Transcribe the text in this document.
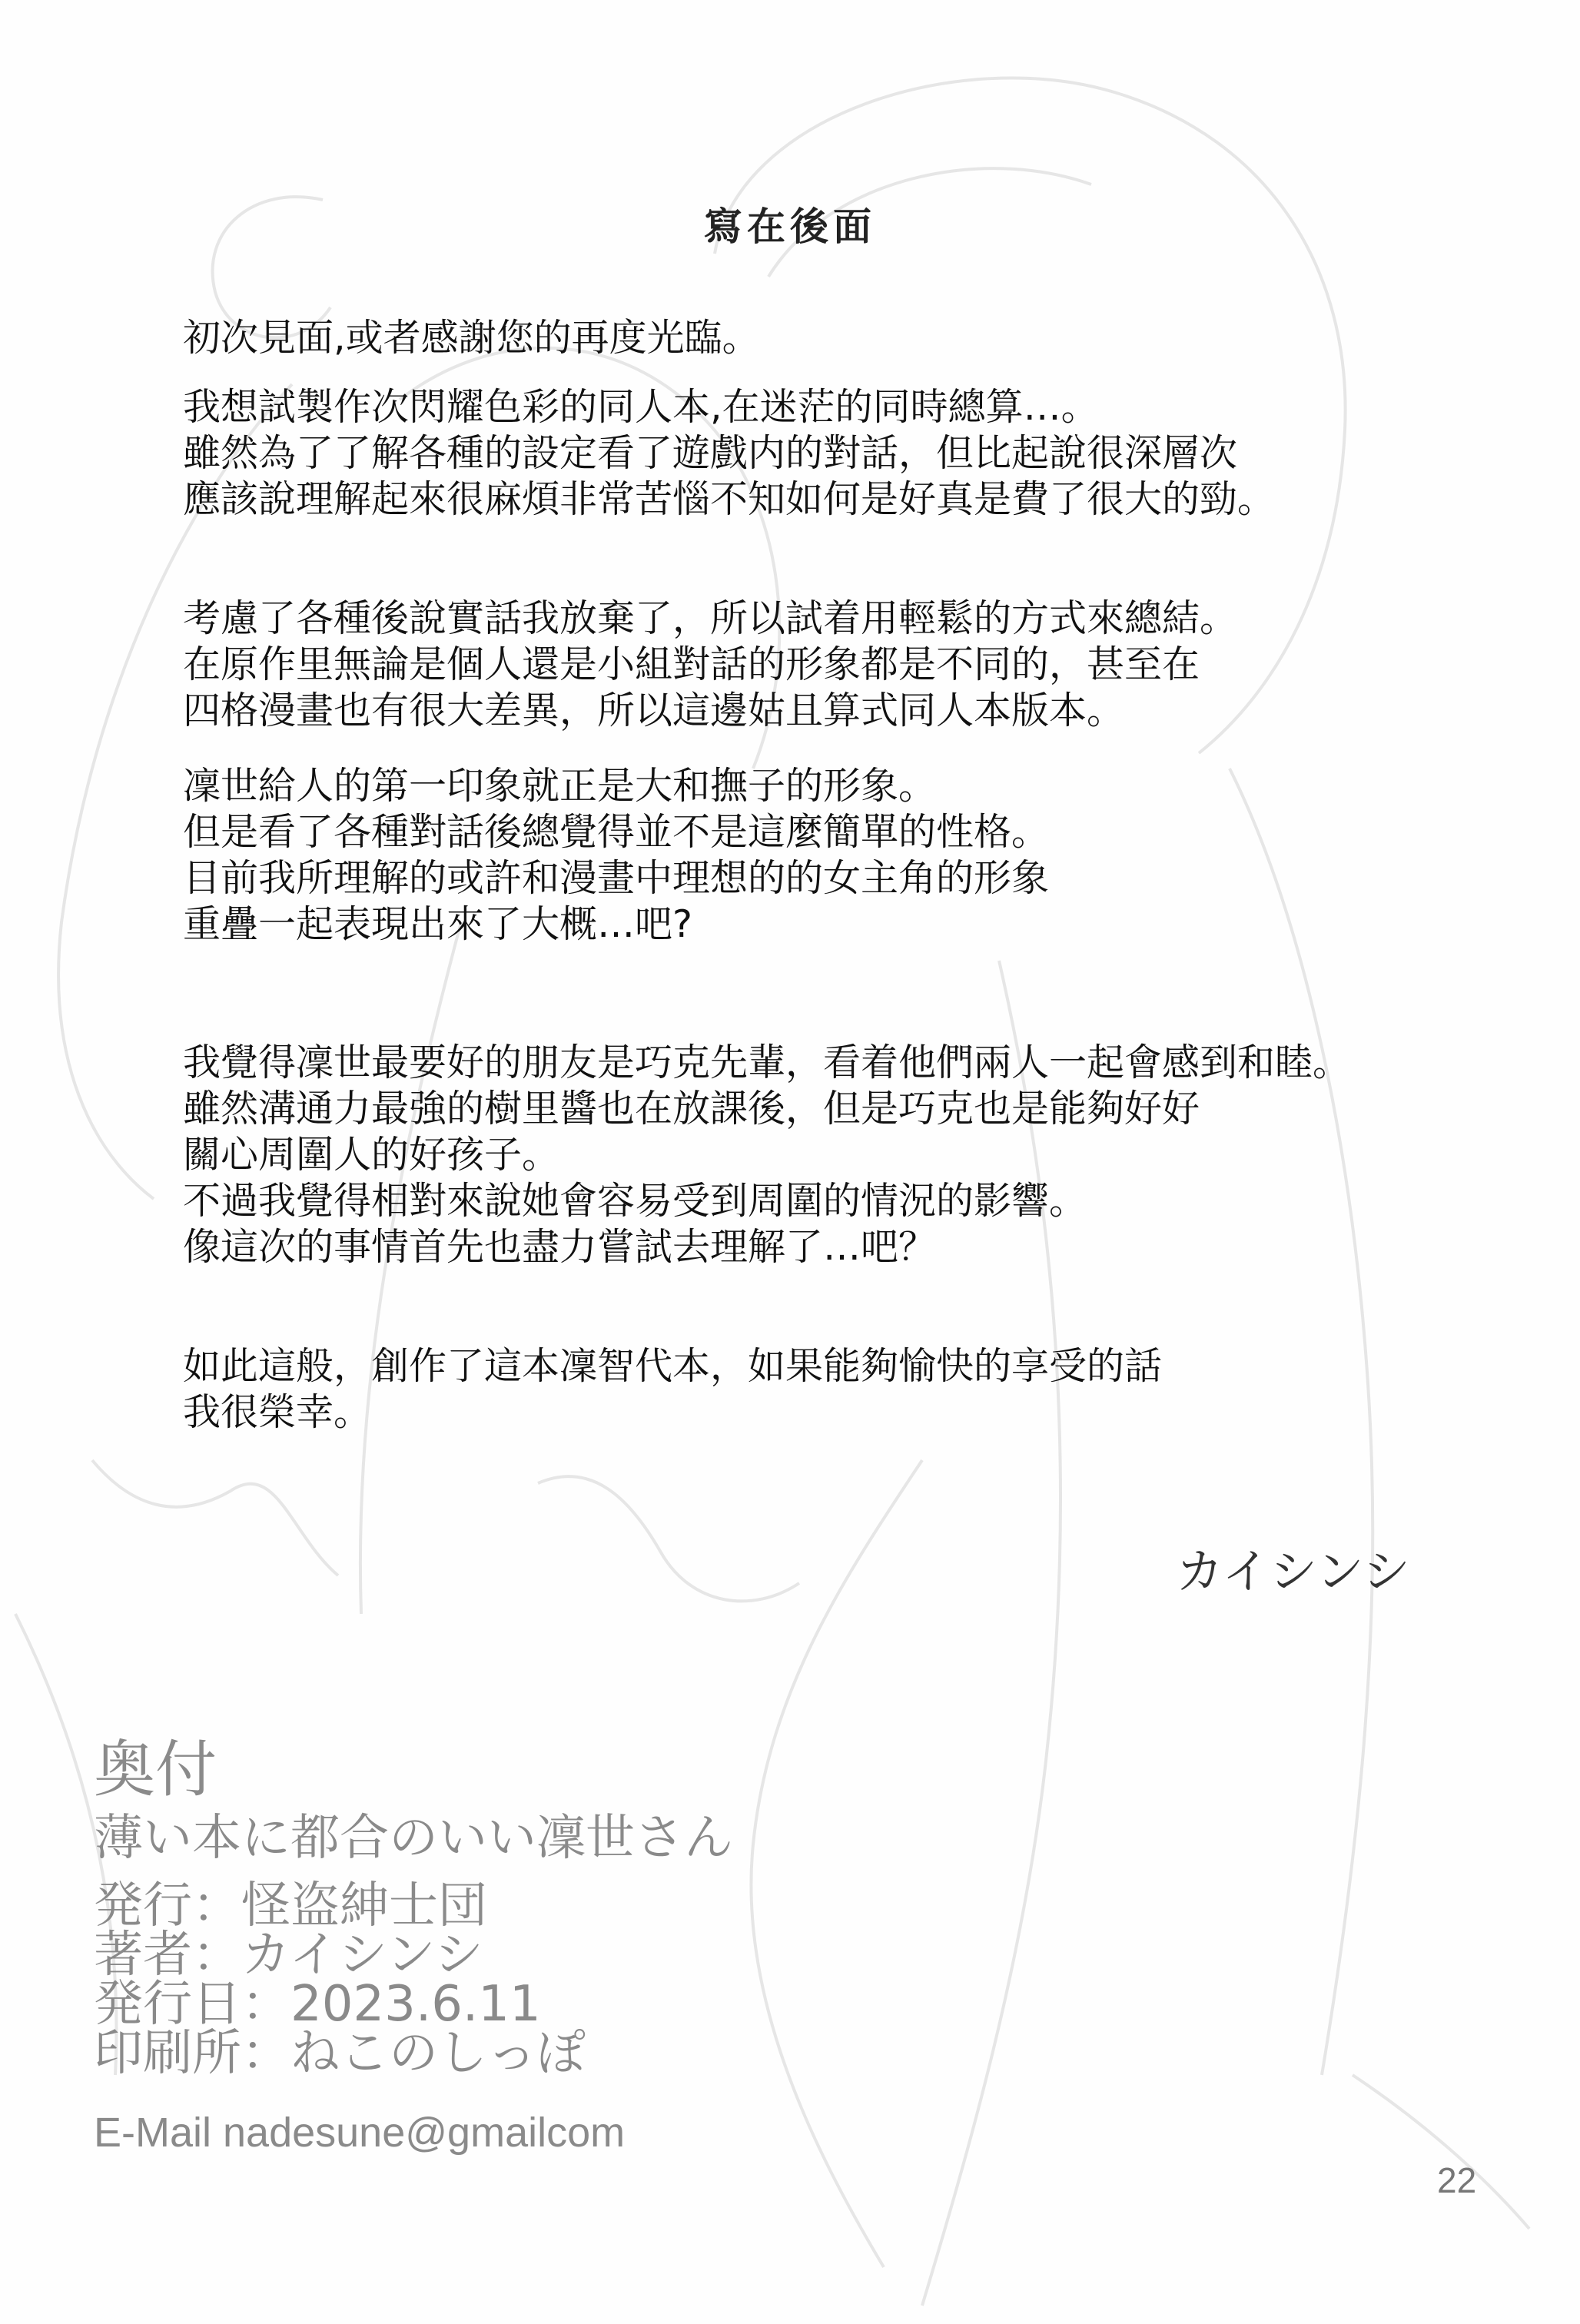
寫在後面

初次見面,或者感謝您的再度光臨。

我想試製作次閃耀色彩的同人本,在迷茫的同時總算…。
雖然為了了解各種的設定看了遊戲内的對話，但比起說很深層次
應該說理解起來很麻煩非常苦惱不知如何是好真是費了很大的勁。

考慮了各種後說實話我放棄了，所以試着用輕鬆的方式來總結。
在原作里無論是個人還是小組對話的形象都是不同的，甚至在
四格漫畫也有很大差異，所以這邊姑且算式同人本版本。

凜世給人的第一印象就正是大和撫子的形象。
但是看了各種對話後總覺得並不是這麼簡單的性格。
目前我所理解的或許和漫畫中理想的的女主角的形象
重疊一起表現出來了大概…吧?

我覺得凜世最要好的朋友是巧克先輩，看着他們兩人一起會感到和睦。
雖然溝通力最強的樹里醬也在放課後，但是巧克也是能夠好好
關心周圍人的好孩子。
不過我覺得相對來說她會容易受到周圍的情況的影響。
像這次的事情首先也盡力嘗試去理解了…吧？

如此這般，創作了這本凜智代本，如果能夠愉快的享受的話
我很榮幸。

カイシンシ
奥付
薄い本に都合のいい凜世さん
発行：怪盗紳士団
著者：カイシンシ
発行日：2023.6.11
印刷所：ねこのしっぽ
E-Mail nadesune@gmailcom
22
